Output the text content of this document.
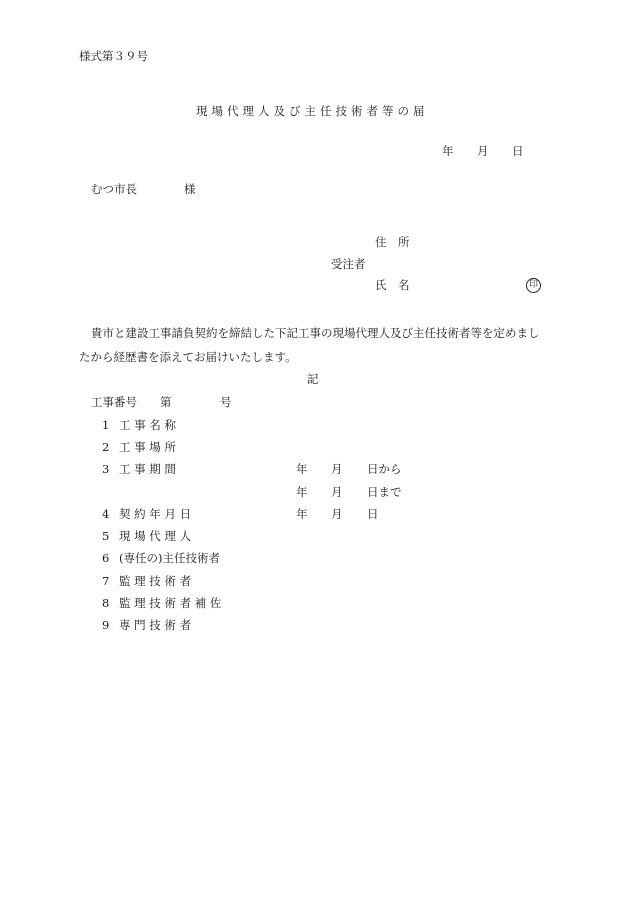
様式第３９号
現場代理人及び主任技術者等の届
年 月 日
むつ市長	様
住　所
受注者
氏　名	印
貴市と建設工事請負契約を締結した下記工事の現場代理人及び主任技術者等を定めまし
たから経歴書を添えてお届けいたします。
記
工事番号 第	号
1 工 事 名 称
2 工 事 場 所
3 工 事 期 間	年 月 日から
年 月 日まで
4 契 約 年 月 日	年 月 日
5 現 場 代 理 人
6 (専任の)主任技術者
7 監 理 技 術 者
8 監 理 技 術 者 補 佐
9 専 門 技 術 者
